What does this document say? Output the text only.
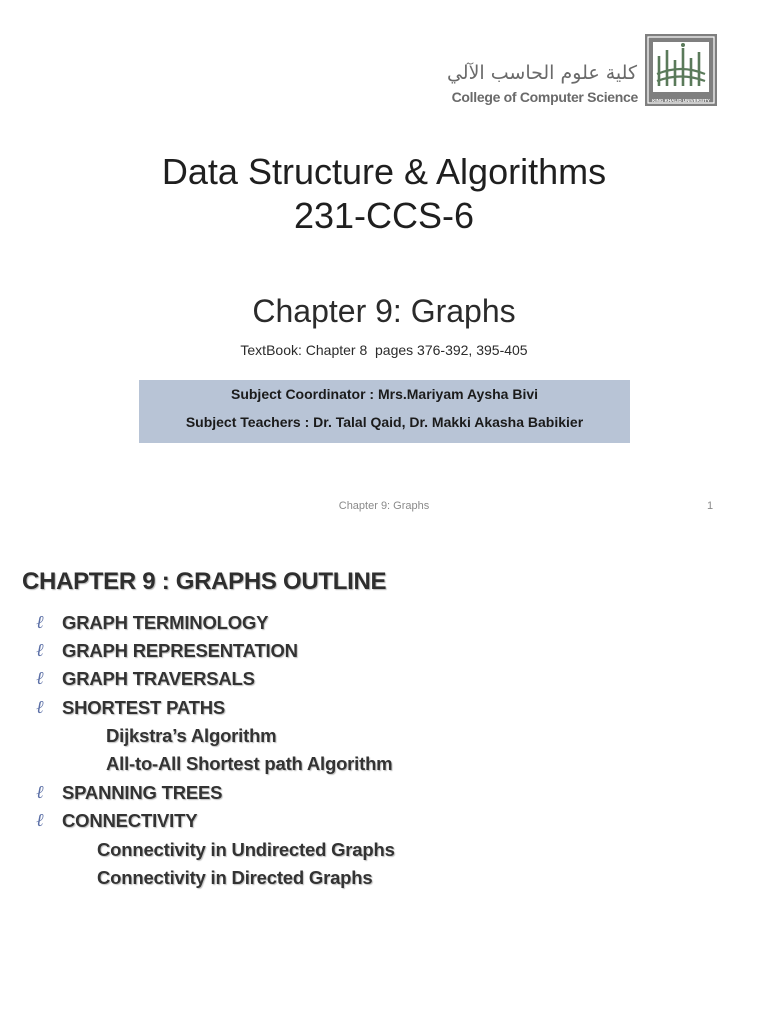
كلية علوم الحاسب الآلي
College of Computer Science	KING KHALID UNIVERSITY
Data Structure & Algorithms
231-CCS-6
Chapter 9: Graphs
TextBook: Chapter 8  pages 376-392, 395-405
Subject Coordinator : Mrs.Mariyam Aysha Bivi
Subject Teachers : Dr. Talal Qaid, Dr. Makki Akasha Babikier
Chapter 9: Graphs	1
CHAPTER 9 : GRAPHS OUTLINE
ℓ	GRAPH TERMINOLOGY
ℓ	GRAPH REPRESENTATION
ℓ	GRAPH TRAVERSALS
ℓ	SHORTEST PATHS
Dijkstra’s Algorithm
All-to-All Shortest path Algorithm
ℓ	SPANNING TREES
ℓ	CONNECTIVITY
Connectivity in Undirected Graphs
Connectivity in Directed Graphs
